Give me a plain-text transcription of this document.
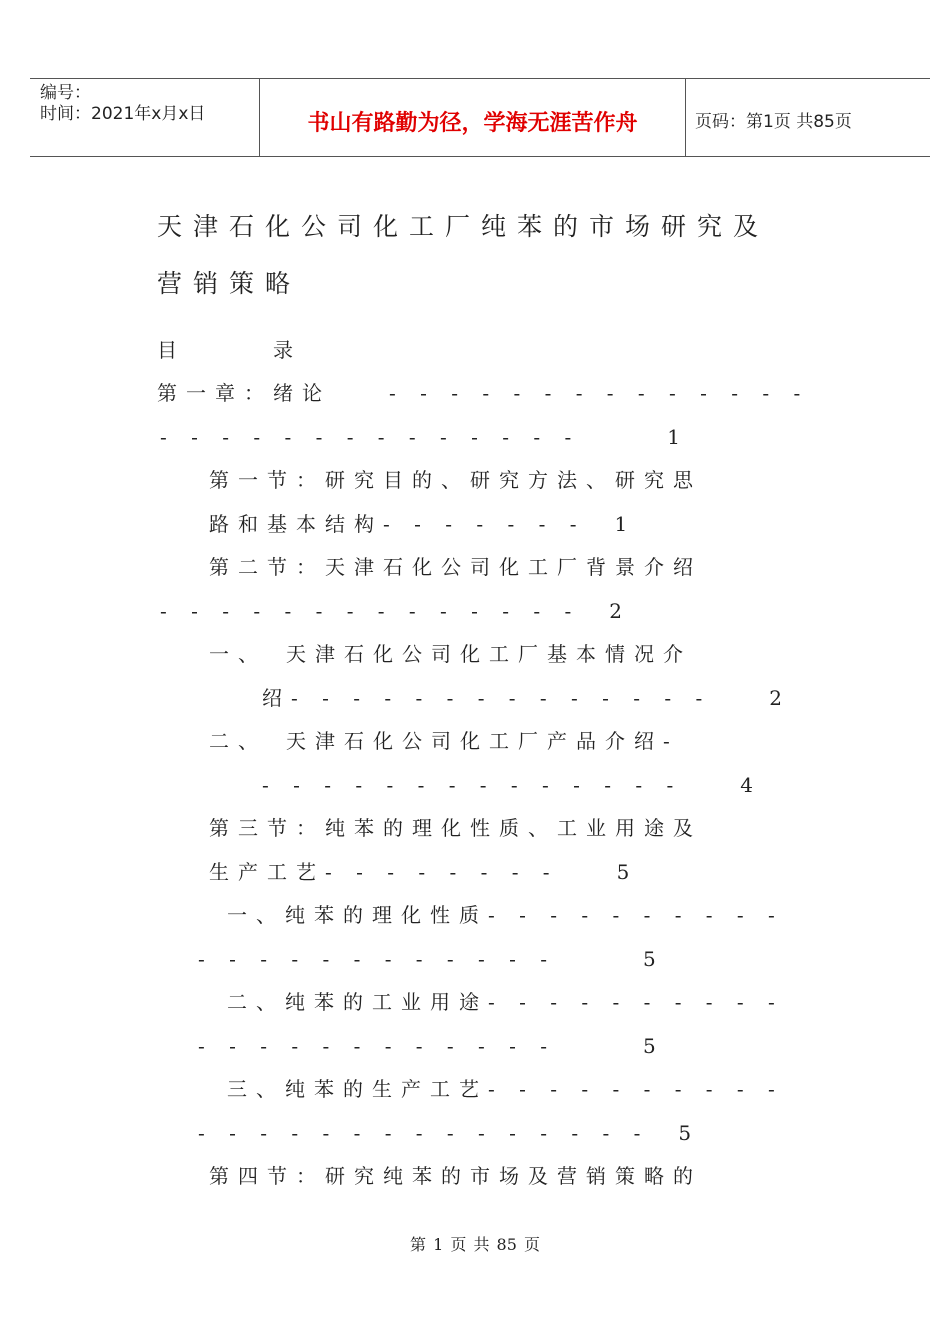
编号：
时间：2021年x月x日	书山有路勤为径，学海无涯苦作舟	页码：第1页 共85页
天津石化公司化工厂纯苯的市场研究及营销策略
目　　　录
第一章：绪论　　- - - - - - - - - - - - - -
- - - - - - - - - - - - - -　　　1
第一节：研究目的、研究方法、研究思
路和基本结构- - - - - - -　1
第二节：天津石化公司化工厂背景介绍
- - - - - - - - - - - - - -　2
一、　天津石化公司化工厂基本情况介
绍- - - - - - - - - - - - - -　　2
二、　天津石化公司化工厂产品介绍-
- - - - - - - - - - - - - -　　4
第三节：纯苯的理化性质、工业用途及
生产工艺- - - - - - - -　　5
一、纯苯的理化性质- - - - - - - - - -
- - - - - - - - - - - -　　　5
二、纯苯的工业用途- - - - - - - - - -
- - - - - - - - - - - -　　　5
三、纯苯的生产工艺- - - - - - - - - -
- - - - - - - - - - - - - - -　5
第四节：研究纯苯的市场及营销策略的
第 1 页 共 85 页
